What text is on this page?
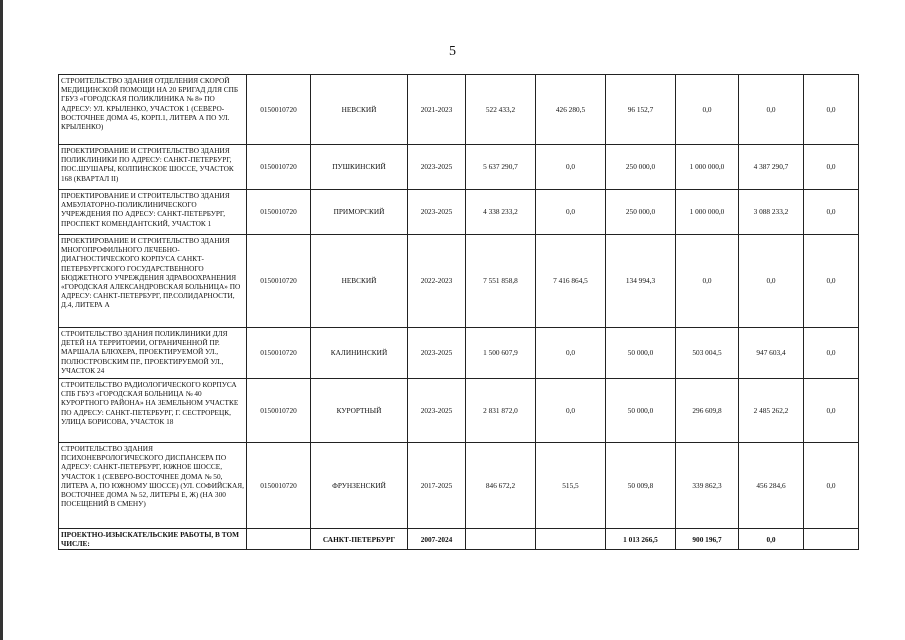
5
СТРОИТЕЛЬСТВО ЗДАНИЯ ОТДЕЛЕНИЯ СКОРОЙ МЕДИЦИНСКОЙ ПОМОЩИ НА 20 БРИГАД ДЛЯ СПБ ГБУЗ «ГОРОДСКАЯ ПОЛИКЛИНИКА № 8» ПО АДРЕСУ: УЛ. КРЫЛЕНКО, УЧАСТОК 1 (СЕВЕРО-ВОСТОЧНЕЕ ДОМА 45, КОРП.1, ЛИТЕРА А ПО УЛ. КРЫЛЕНКО)	0150010720	НЕВСКИЙ	2021-2023	522 433,2	426 280,5	96 152,7	0,0	0,0	0,0
ПРОЕКТИРОВАНИЕ И СТРОИТЕЛЬСТВО ЗДАНИЯ ПОЛИКЛИНИКИ ПО АДРЕСУ: САНКТ-ПЕТЕРБУРГ, ПОС.ШУШАРЫ, КОЛПИНСКОЕ ШОССЕ, УЧАСТОК 168 (КВАРТАЛ II)	0150010720	ПУШКИНСКИЙ	2023-2025	5 637 290,7	0,0	250 000,0	1 000 000,0	4 387 290,7	0,0
ПРОЕКТИРОВАНИЕ И СТРОИТЕЛЬСТВО ЗДАНИЯ АМБУЛАТОРНО-ПОЛИКЛИНИЧЕСКОГО УЧРЕЖДЕНИЯ ПО АДРЕСУ: САНКТ-ПЕТЕРБУРГ, ПРОСПЕКТ КОМЕНДАНТСКИЙ, УЧАСТОК 1	0150010720	ПРИМОРСКИЙ	2023-2025	4 338 233,2	0,0	250 000,0	1 000 000,0	3 088 233,2	0,0
ПРОЕКТИРОВАНИЕ И СТРОИТЕЛЬСТВО ЗДАНИЯ МНОГОПРОФИЛЬНОГО ЛЕЧЕБНО-ДИАГНОСТИЧЕСКОГО КОРПУСА САНКТ-ПЕТЕРБУРГСКОГО ГОСУДАРСТВЕННОГО БЮДЖЕТНОГО УЧРЕЖДЕНИЯ ЗДРАВООХРАНЕНИЯ «ГОРОДСКАЯ АЛЕКСАНДРОВСКАЯ БОЛЬНИЦА» ПО АДРЕСУ: САНКТ-ПЕТЕРБУРГ, ПР.СОЛИДАРНОСТИ, Д.4, ЛИТЕРА А	0150010720	НЕВСКИЙ	2022-2023	7 551 858,8	7 416 864,5	134 994,3	0,0	0,0	0,0
СТРОИТЕЛЬСТВО ЗДАНИЯ ПОЛИКЛИНИКИ ДЛЯ ДЕТЕЙ НА ТЕРРИТОРИИ, ОГРАНИЧЕННОЙ ПР. МАРШАЛА БЛЮХЕРА, ПРОЕКТИРУЕМОЙ УЛ., ПОЛЮСТРОВСКИМ ПР., ПРОЕКТИРУЕМОЙ УЛ., УЧАСТОК 24	0150010720	КАЛИНИНСКИЙ	2023-2025	1 500 607,9	0,0	50 000,0	503 004,5	947 603,4	0,0
СТРОИТЕЛЬСТВО РАДИОЛОГИЧЕСКОГО КОРПУСА СПБ ГБУЗ «ГОРОДСКАЯ БОЛЬНИЦА № 40 КУРОРТНОГО РАЙОНА» НА ЗЕМЕЛЬНОМ УЧАСТКЕ ПО АДРЕСУ: САНКТ-ПЕТЕРБУРГ, Г. СЕСТРОРЕЦК, УЛИЦА БОРИСОВА, УЧАСТОК 18	0150010720	КУРОРТНЫЙ	2023-2025	2 831 872,0	0,0	50 000,0	296 609,8	2 485 262,2	0,0
СТРОИТЕЛЬСТВО ЗДАНИЯ ПСИХОНЕВРОЛОГИЧЕСКОГО ДИСПАНСЕРА ПО АДРЕСУ: САНКТ-ПЕТЕРБУРГ, ЮЖНОЕ ШОССЕ, УЧАСТОК 1 (СЕВЕРО-ВОСТОЧНЕЕ ДОМА № 50, ЛИТЕРА А, ПО ЮЖНОМУ ШОССЕ) (УЛ. СОФИЙСКАЯ, ВОСТОЧНЕЕ ДОМА № 52, ЛИТЕРЫ Е, Ж) (НА 300 ПОСЕЩЕНИЙ В СМЕНУ)	0150010720	ФРУНЗЕНСКИЙ	2017-2025	846 672,2	515,5	50 009,8	339 862,3	456 284,6	0,0
ПРОЕКТНО-ИЗЫСКАТЕЛЬСКИЕ РАБОТЫ, В ТОМ ЧИСЛЕ:		САНКТ-ПЕТЕРБУРГ	2007-2024			1 013 266,5	900 196,7	0,0	
